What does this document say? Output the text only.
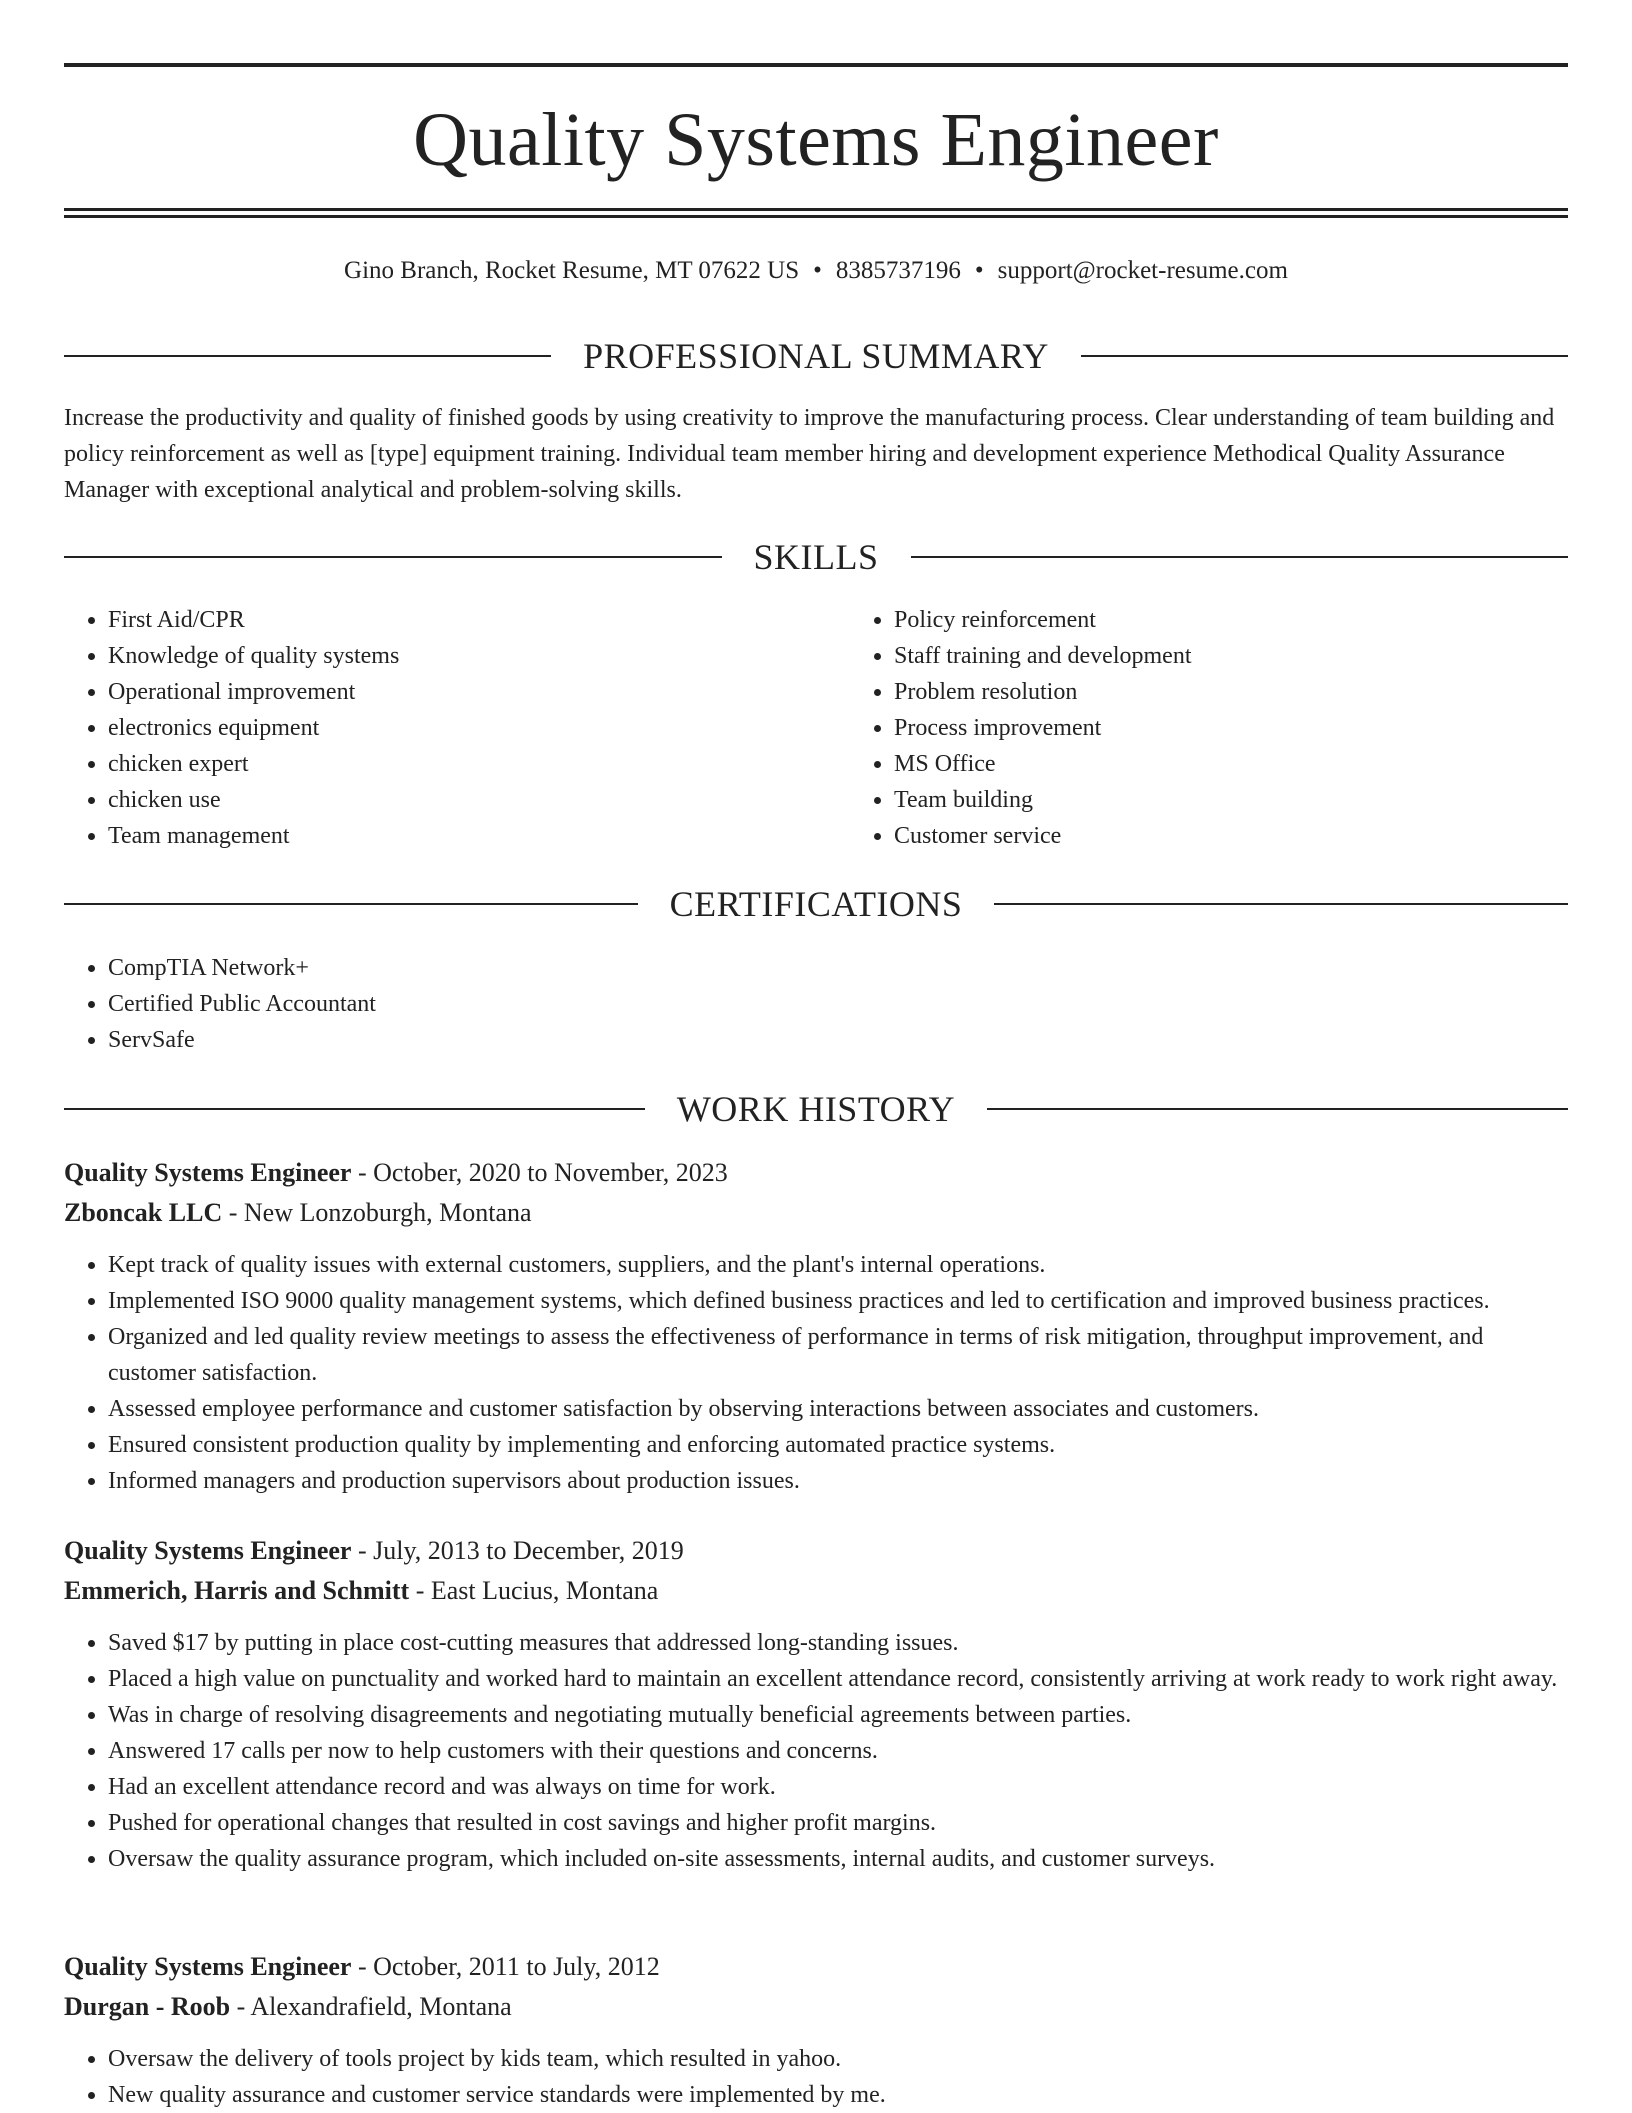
Quality Systems Engineer
Gino Branch, Rocket Resume, MT 07622 US • 8385737196 • support@rocket-resume.com
PROFESSIONAL SUMMARY

Increase the productivity and quality of finished goods by using creativity to improve the manufacturing process. Clear understanding of team building and policy reinforcement as well as [type] equipment training. Individual team member hiring and development experience Methodical Quality Assurance Manager with exceptional analytical and problem-solving skills.

SKILLS
• First Aid/CPR
• Knowledge of quality systems
• Operational improvement
• electronics equipment
• chicken expert
• chicken use
• Team management
• Policy reinforcement
• Staff training and development
• Problem resolution
• Process improvement
• MS Office
• Team building
• Customer service
CERTIFICATIONS
• CompTIA Network+
• Certified Public Accountant
• ServSafe
WORK HISTORY

Quality Systems Engineer - October, 2020 to November, 2023

Zboncak LLC - New Lonzoburgh, Montana

• Kept track of quality issues with external customers, suppliers, and the plant's internal operations.
• Implemented ISO 9000 quality management systems, which defined business practices and led to certification and improved business practices.
• Organized and led quality review meetings to assess the effectiveness of performance in terms of risk mitigation, throughput improvement, and customer satisfaction.
• Assessed employee performance and customer satisfaction by observing interactions between associates and customers.
• Ensured consistent production quality by implementing and enforcing automated practice systems.
• Informed managers and production supervisors about production issues.

Quality Systems Engineer - July, 2013 to December, 2019

Emmerich, Harris and Schmitt - East Lucius, Montana

• Saved $17 by putting in place cost-cutting measures that addressed long-standing issues.
• Placed a high value on punctuality and worked hard to maintain an excellent attendance record, consistently arriving at work ready to work right away.
• Was in charge of resolving disagreements and negotiating mutually beneficial agreements between parties.
• Answered 17 calls per now to help customers with their questions and concerns.
• Had an excellent attendance record and was always on time for work.
• Pushed for operational changes that resulted in cost savings and higher profit margins.
• Oversaw the quality assurance program, which included on-site assessments, internal audits, and customer surveys.

Quality Systems Engineer - October, 2011 to July, 2012

Durgan - Roob - Alexandrafield, Montana

• Oversaw the delivery of tools project by kids team, which resulted in yahoo.
• New quality assurance and customer service standards were implemented by me.
